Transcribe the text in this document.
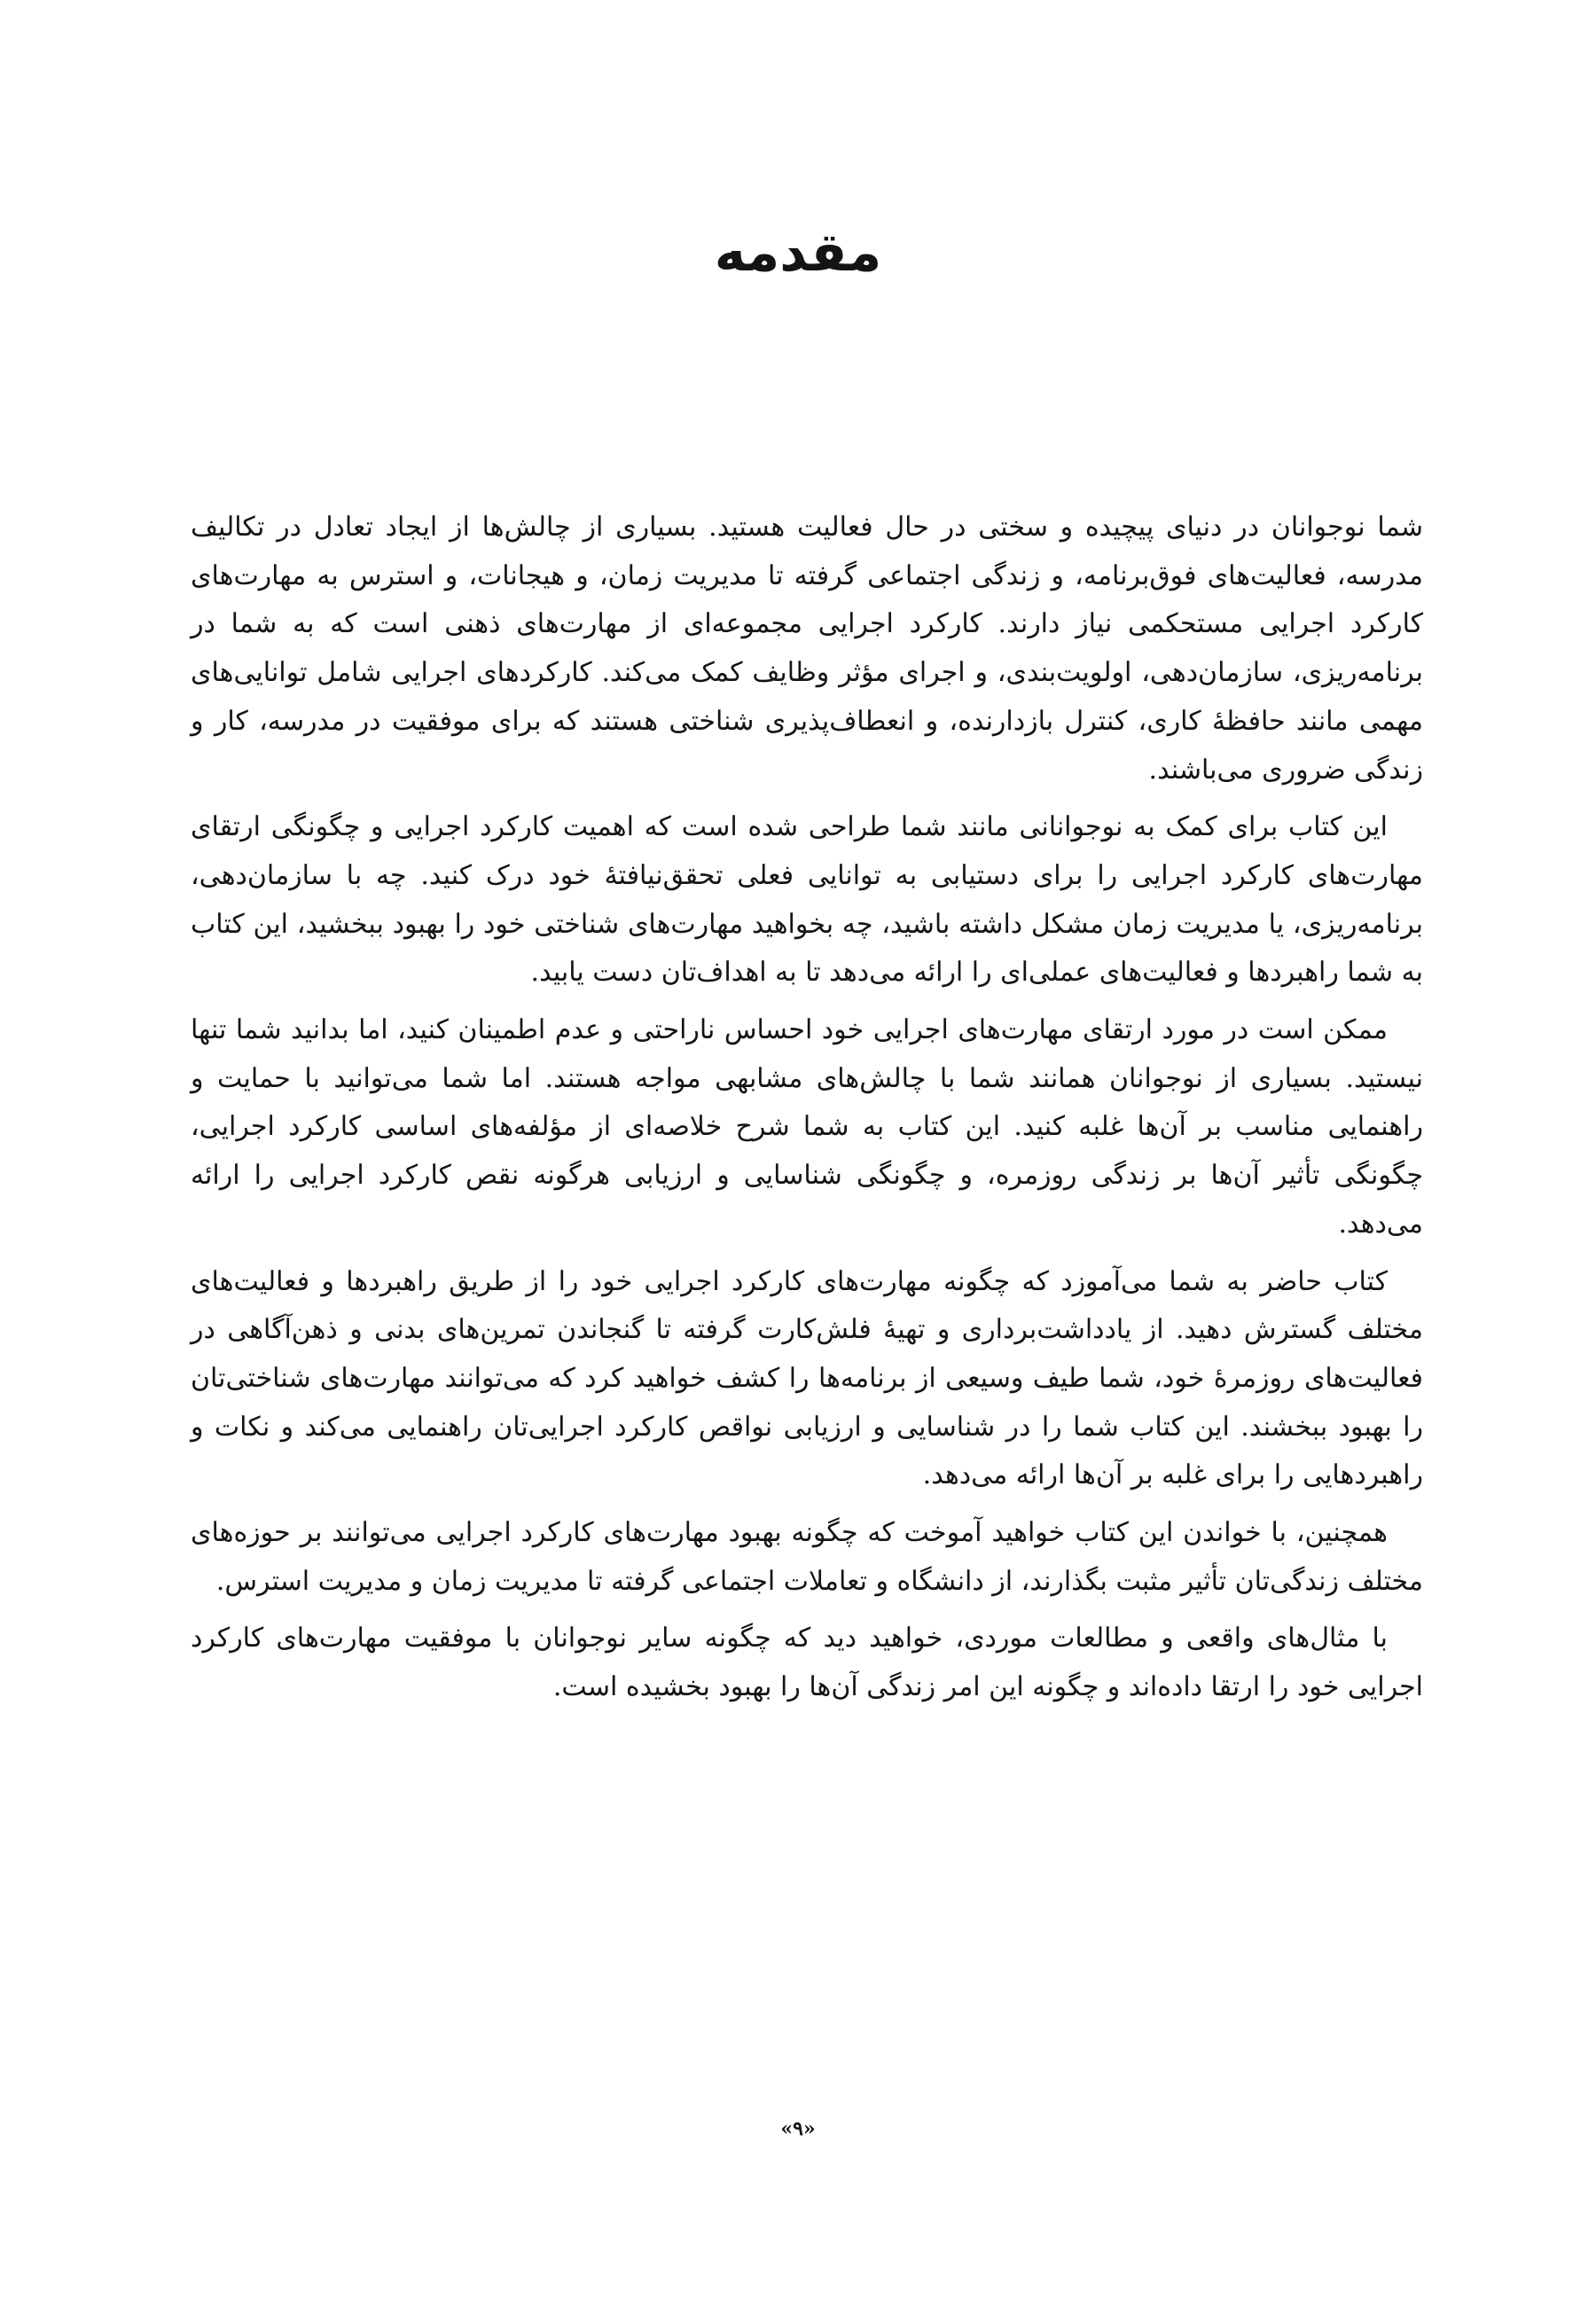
مقدمه

شما نوجوانان در دنیای پیچیده و سختی در حال فعالیت هستید. بسیاری از چالش‌ها از ایجاد تعادل در تکالیف مدرسه، فعالیت‌های فوق‌برنامه، و زندگی اجتماعی گرفته تا مدیریت زمان، و هیجانات، و استرس به مهارت‌های کارکرد اجرایی مستحکمی نیاز دارند. کارکرد اجرایی مجموعه‌ای از مهارت‌های ذهنی است که به شما در برنامه‌ریزی، سازمان‌دهی، اولویت‌بندی، و اجرای مؤثر وظایف کمک می‌کند. کارکردهای اجرایی شامل توانایی‌های مهمی مانند حافظهٔ کاری، کنترل بازدارنده، و انعطاف‌پذیری شناختی هستند که برای موفقیت در مدرسه، کار و زندگی ضروری می‌باشند.

این کتاب برای کمک به نوجوانانی مانند شما طراحی شده است که اهمیت کارکرد اجرایی و چگونگی ارتقای مهارت‌های کارکرد اجرایی را برای دستیابی به توانایی فعلی تحقق‌نیافتهٔ خود درک کنید. چه با سازمان‌دهی، برنامه‌ریزی، یا مدیریت زمان مشکل داشته باشید، چه بخواهید مهارت‌های شناختی خود را بهبود ببخشید، این کتاب به شما راهبردها و فعالیت‌های عملی‌ای را ارائه می‌دهد تا به اهداف‌تان دست یابید.

ممکن است در مورد ارتقای مهارت‌های اجرایی خود احساس ناراحتی و عدم اطمینان کنید، اما بدانید شما تنها نیستید. بسیاری از نوجوانان همانند شما با چالش‌های مشابهی مواجه هستند. اما شما می‌توانید با حمایت و راهنمایی مناسب بر آن‌ها غلبه کنید. این کتاب به شما شرح خلاصه‌ای از مؤلفه‌های اساسی کارکرد اجرایی، چگونگی تأثیر آن‌ها بر زندگی روزمره، و چگونگی شناسایی و ارزیابی هرگونه نقص کارکرد اجرایی را ارائه می‌دهد.

کتاب حاضر به شما می‌آموزد که چگونه مهارت‌های کارکرد اجرایی خود را از طریق راهبردها و فعالیت‌های مختلف گسترش دهید. از یادداشت‌برداری و تهیهٔ فلش‌کارت گرفته تا گنجاندن تمرین‌های بدنی و ذهن‌آگاهی در فعالیت‌های روزمرهٔ خود، شما طیف وسیعی از برنامه‌ها را کشف خواهید کرد که می‌توانند مهارت‌های شناختی‌تان را بهبود ببخشند. این کتاب شما را در شناسایی و ارزیابی نواقص کارکرد اجرایی‌تان راهنمایی می‌کند و نکات و راهبردهایی را برای غلبه بر آن‌ها ارائه می‌دهد.

همچنین، با خواندن این کتاب خواهید آموخت که چگونه بهبود مهارت‌های کارکرد اجرایی می‌توانند بر حوزه‌های مختلف زندگی‌تان تأثیر مثبت بگذارند، از دانشگاه و تعاملات اجتماعی گرفته تا مدیریت زمان و مدیریت استرس.

با مثال‌های واقعی و مطالعات موردی، خواهید دید که چگونه سایر نوجوانان با موفقیت مهارت‌های کارکرد اجرایی خود را ارتقا داده‌اند و چگونه این امر زندگی آن‌ها را بهبود بخشیده است.

«۹»
